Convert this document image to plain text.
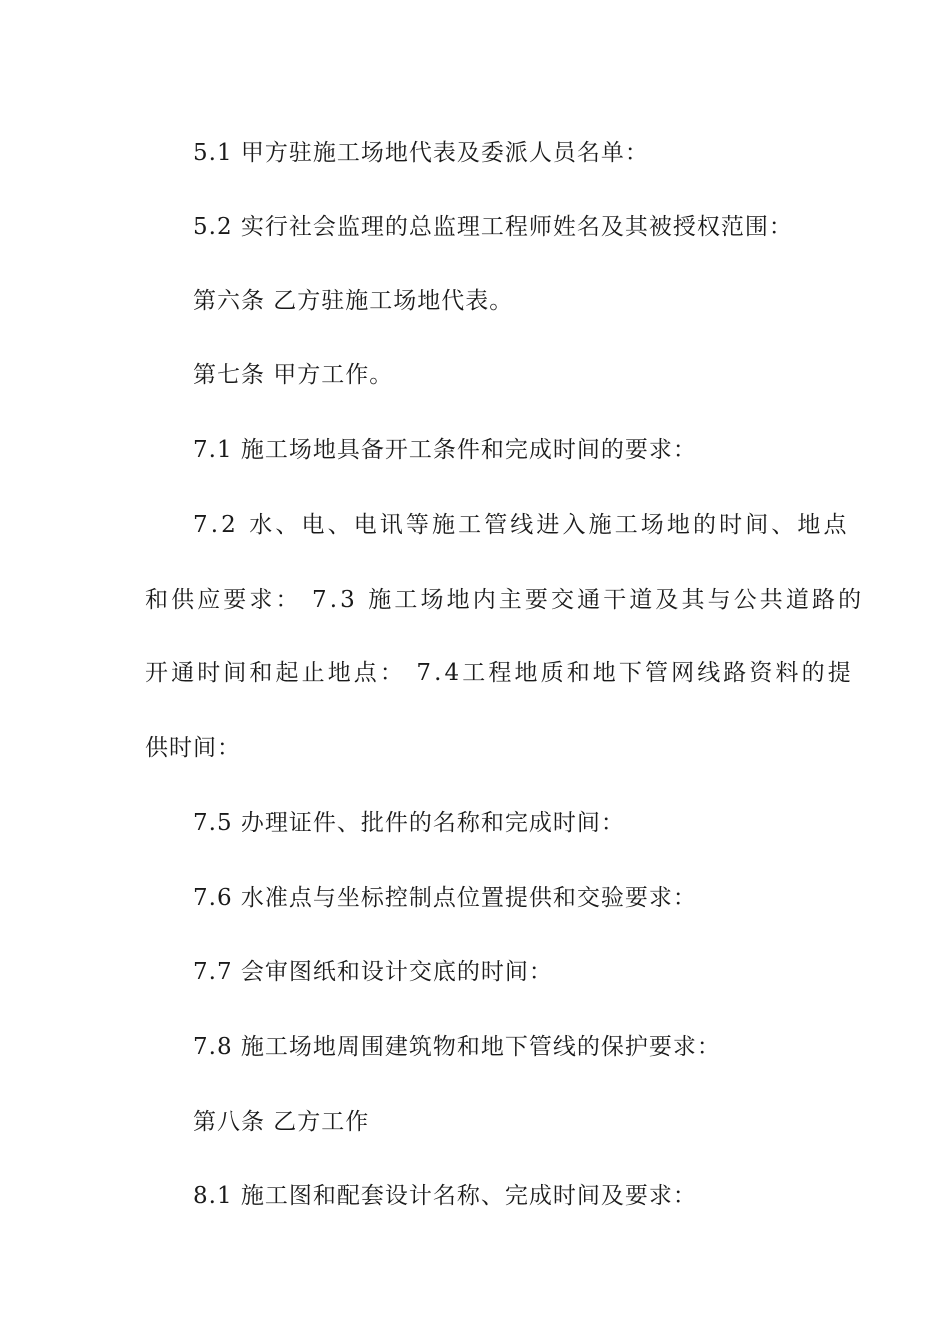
5.1 甲方驻施工场地代表及委派人员名单：
5.2 实行社会监理的总监理工程师姓名及其被授权范围：
第六条 乙方驻施工场地代表。
第七条 甲方工作。
7.1 施工场地具备开工条件和完成时间的要求：
7.2 水、电、电讯等施工管线进入施工场地的时间、地点
和供应要求： 7.3 施工场地内主要交通干道及其与公共道路的
开通时间和起止地点： 7.4工程地质和地下管网线路资料的提
供时间：
7.5 办理证件、批件的名称和完成时间：
7.6 水准点与坐标控制点位置提供和交验要求：
7.7 会审图纸和设计交底的时间：
7.8 施工场地周围建筑物和地下管线的保护要求：
第八条 乙方工作
8.1 施工图和配套设计名称、完成时间及要求：
